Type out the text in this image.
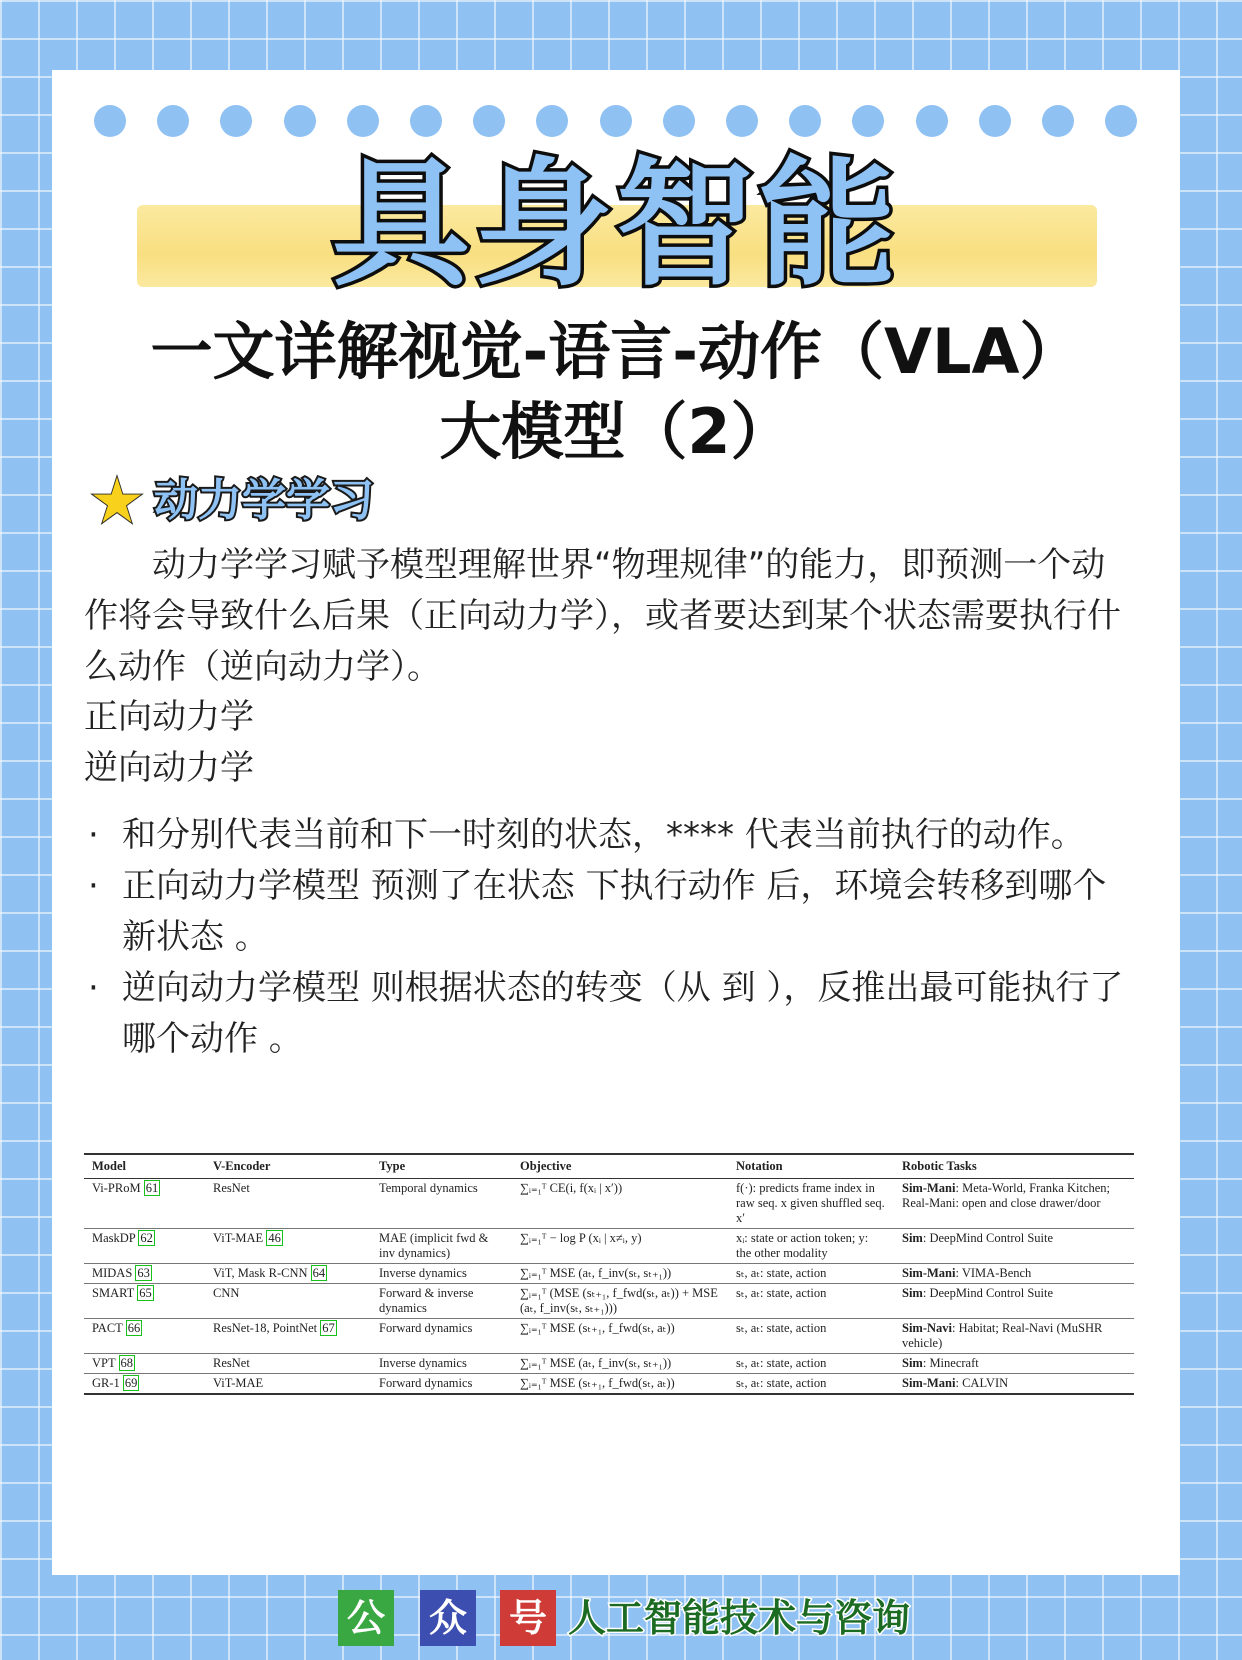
具身智能
一文详解视觉-语言-动作（VLA）
大模型（2）
动力学学习
动力学学习赋予模型理解世界“物理规律”的能力，即预测一个动作将会导致什么后果（正向动力学），或者要达到某个状态需要执行什么动作（逆向动力学）。
正向动力学
逆向动力学
· 和分别代表当前和下一时刻的状态，**** 代表当前执行的动作。
· 正向动力学模型 预测了在状态 下执行动作 后，环境会转移到哪个新状态 。
· 逆向动力学模型 则根据状态的转变（从 到 ），反推出最可能执行了哪个动作 。
Model	V-Encoder	Type	Objective	Notation	Robotic Tasks
Vi-PRoM 61	ResNet	Temporal dynamics	∑ᵢ₌₁ᵀ CE(i, f(xᵢ | x′))	f(·): predicts frame index in raw seq. x given shuffled seq. x′	Sim-Mani: Meta-World, Franka Kitchen; Real-Mani: open and close drawer/door
MaskDP 62	ViT-MAE 46	MAE (implicit fwd & inv dynamics)	∑ᵢ₌₁ᵀ − log P (xᵢ | x≠ᵢ, y)	xᵢ: state or action token; y: the other modality	Sim: DeepMind Control Suite
MIDAS 63	ViT, Mask R-CNN 64	Inverse dynamics	∑ᵢ₌₁ᵀ MSE (aₜ, f_inv(sₜ, sₜ₊₁))	sₜ, aₜ: state, action	Sim-Mani: VIMA-Bench
SMART 65	CNN	Forward & inverse dynamics	∑ᵢ₌₁ᵀ (MSE (sₜ₊₁, f_fwd(sₜ, aₜ)) + MSE (aₜ, f_inv(sₜ, sₜ₊₁)))	sₜ, aₜ: state, action	Sim: DeepMind Control Suite
PACT 66	ResNet-18, PointNet 67	Forward dynamics	∑ᵢ₌₁ᵀ MSE (sₜ₊₁, f_fwd(sₜ, aₜ))	sₜ, aₜ: state, action	Sim-Navi: Habitat; Real-Navi (MuSHR vehicle)
VPT 68	ResNet	Inverse dynamics	∑ᵢ₌₁ᵀ MSE (aₜ, f_inv(sₜ, sₜ₊₁))	sₜ, aₜ: state, action	Sim: Minecraft
GR-1 69	ViT-MAE	Forward dynamics	∑ᵢ₌₁ᵀ MSE (sₜ₊₁, f_fwd(sₜ, aₜ))	sₜ, aₜ: state, action	Sim-Mani: CALVIN
公 众 号 人工智能技术与咨询
